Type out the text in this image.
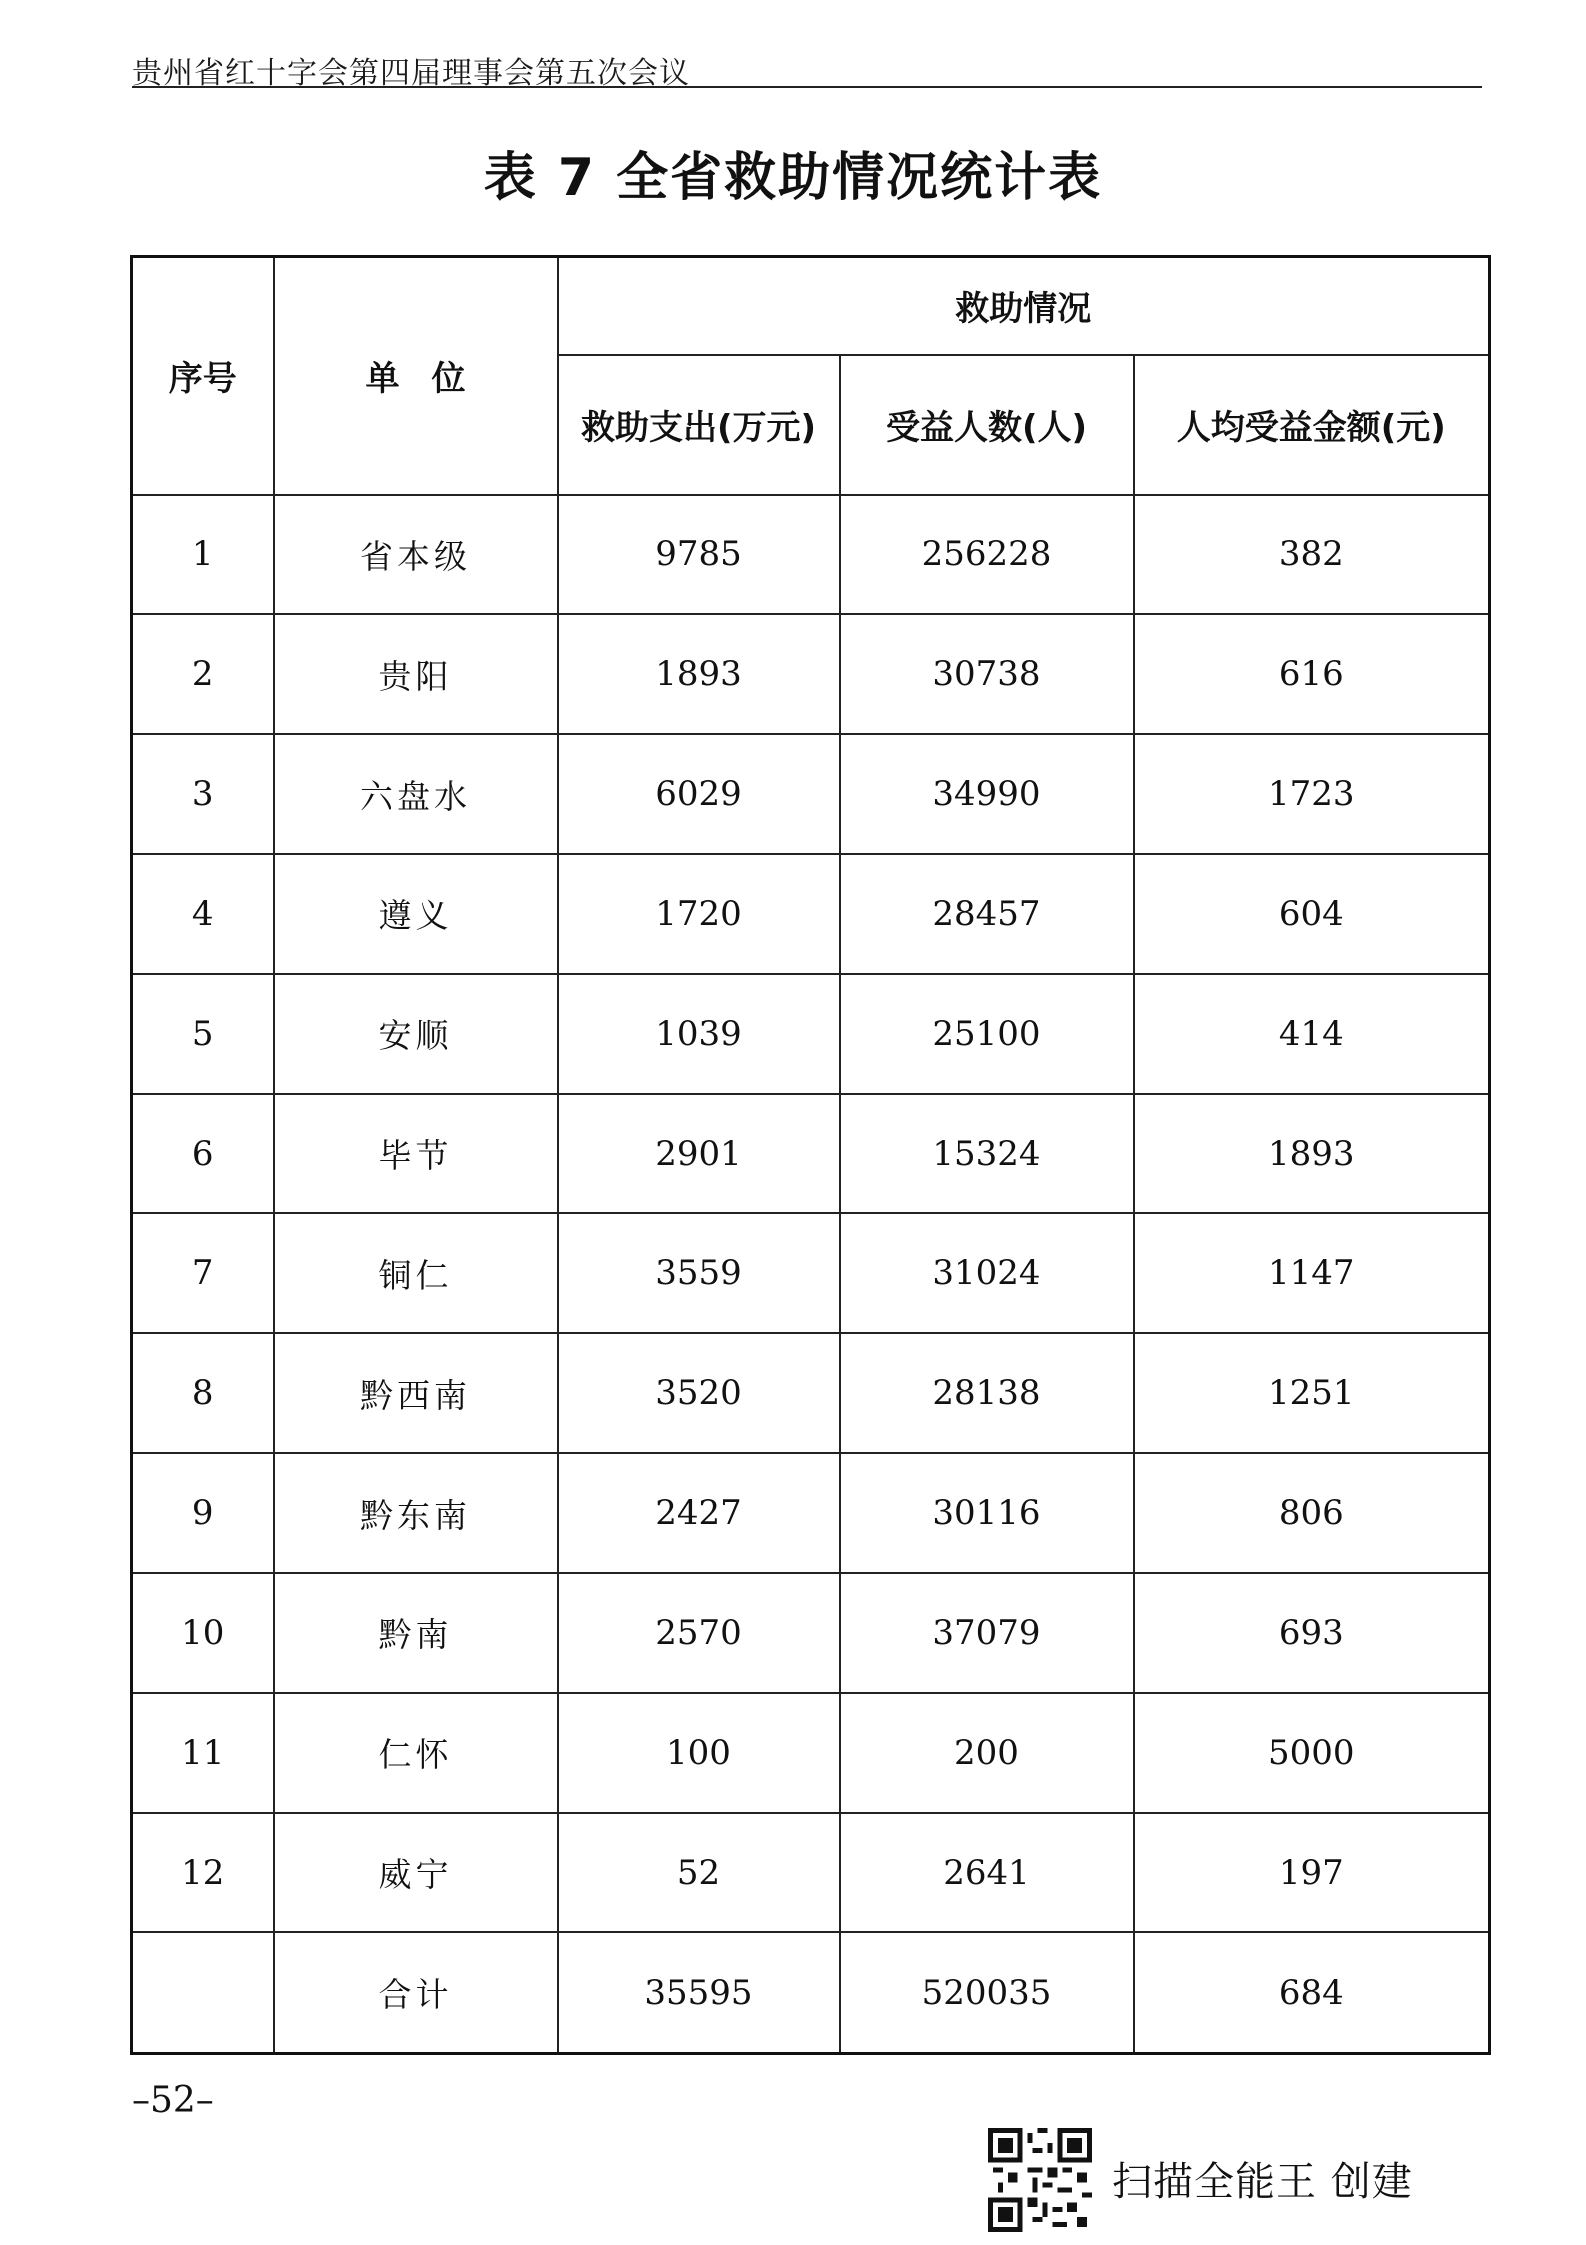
贵州省红十字会第四届理事会第五次会议
表 7 全省救助情况统计表
序号	单位	救助情况		
		救助支出(万元)	受益人数(人)	人均受益金额(元)
1	省本级	9785	256228	382
2	贵阳	1893	30738	616
3	六盘水	6029	34990	1723
4	遵义	1720	28457	604
5	安顺	1039	25100	414
6	毕节	2901	15324	1893
7	铜仁	3559	31024	1147
8	黔西南	3520	28138	1251
9	黔东南	2427	30116	806
10	黔南	2570	37079	693
11	仁怀	100	200	5000
12	威宁	52	2641	197
	合计	35595	520035	684
–52–
扫描全能王 创建
